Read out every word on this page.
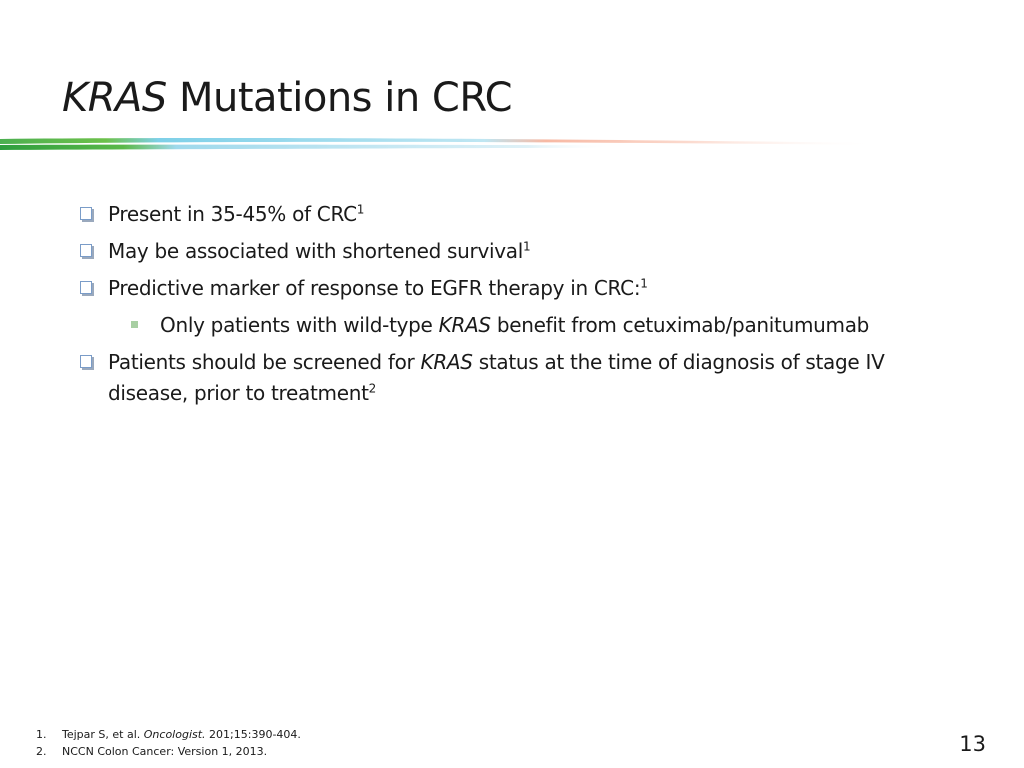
KRAS Mutations in CRC
Present in 35-45% of CRC$^1$
May be associated with shortened survival$^1$
Predictive marker of response to EGFR therapy in CRC:$^1$
Only patients with wild-type KRAS benefit from cetuximab/panitumumab
Patients should be screened for KRAS status at the time of diagnosis of stage IV
disease, prior to treatment$^2$
1. Tejpar S, et al. Oncologist. 201;15:390-404.
2. NCCN Colon Cancer: Version 1, 2013.	13
